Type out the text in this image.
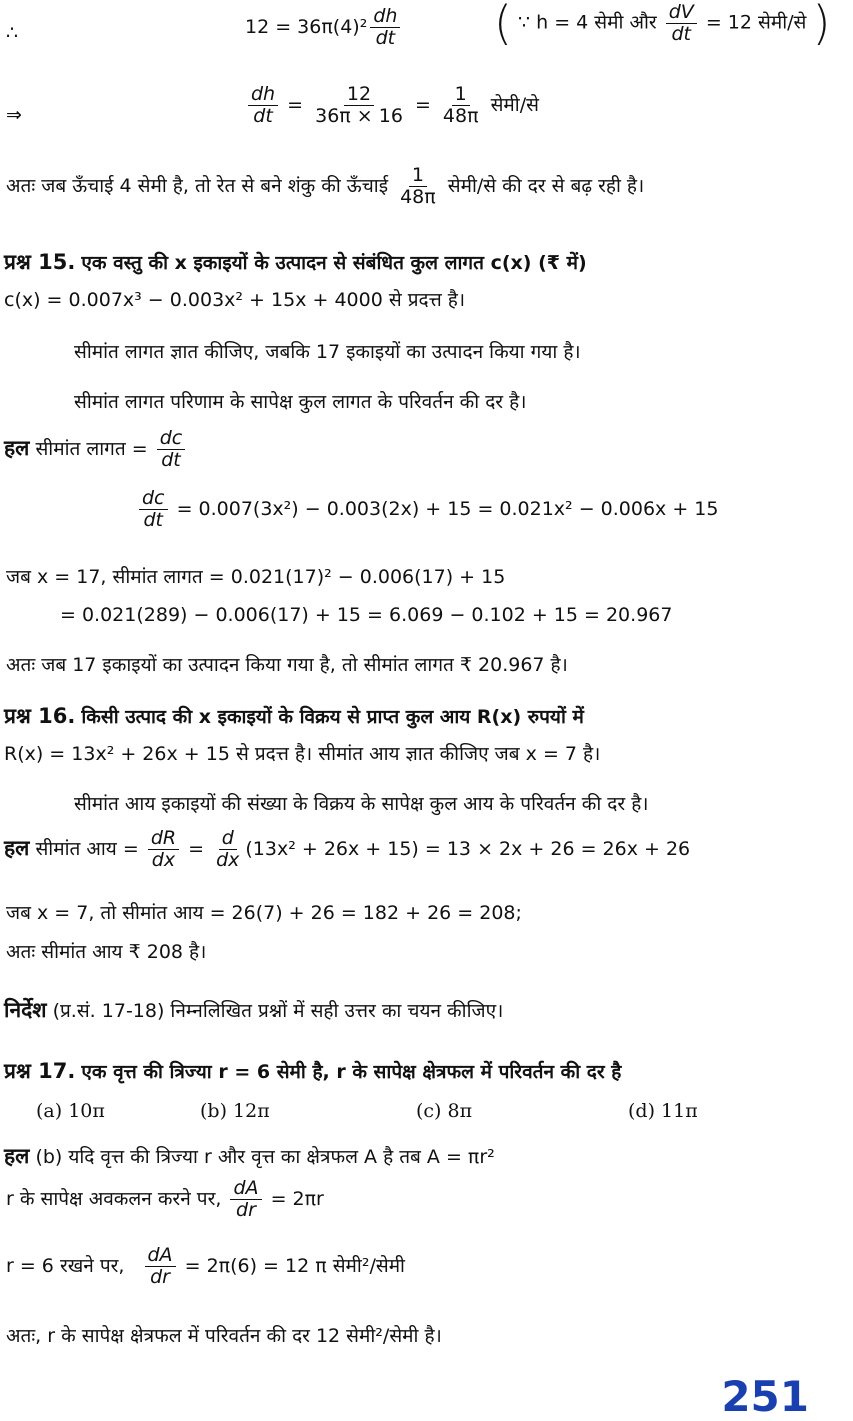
∴	$12 = 36\pi(4)^2 \frac{dh}{dt}$ ( ∵ h = 4 सेमी और $\frac{dV}{dt} = 12$ सेमी/से )
⇒	$\frac{dh}{dt} = \frac{12}{36\pi \times 16} = \frac{1}{48\pi}$ सेमी/से
अतः जब ऊँचाई 4 सेमी है, तो रेत से बने शंकु की ऊँचाई $\frac{1}{48\pi}$ सेमी/से की दर से बढ़ रही है।
प्रश्न 15. एक वस्तु की x इकाइयों के उत्पादन से संबंधित कुल लागत c(x) (₹ में)
c(x) = 0.007x³ − 0.003x² + 15x + 4000 से प्रदत्त है।
सीमांत लागत ज्ञात कीजिए, जबकि 17 इकाइयों का उत्पादन किया गया है।
सीमांत लागत परिणाम के सापेक्ष कुल लागत के परिवर्तन की दर है।
हल सीमांत लागत = $\frac{dc}{dt}$
$\frac{dc}{dt} = 0.007(3x^2) - 0.003(2x) + 15 = 0.021x^2 - 0.006x + 15$
जब x = 17, सीमांत लागत = 0.021(17)² − 0.006(17) + 15
= 0.021(289) − 0.006(17) + 15 = 6.069 − 0.102 + 15 = 20.967
अतः जब 17 इकाइयों का उत्पादन किया गया है, तो सीमांत लागत ₹ 20.967 है।
प्रश्न 16. किसी उत्पाद की x इकाइयों के विक्रय से प्राप्त कुल आय R(x) रुपयों में
R(x) = 13x² + 26x + 15 से प्रदत्त है। सीमांत आय ज्ञात कीजिए जब x = 7 है।
सीमांत आय इकाइयों की संख्या के विक्रय के सापेक्ष कुल आय के परिवर्तन की दर है।
हल सीमांत आय = $\frac{dR}{dx} = \frac{d}{dx} (13x^2 + 26x + 15) = 13 \times 2x + 26 = 26x + 26$
जब x = 7, तो सीमांत आय = 26(7) + 26 = 182 + 26 = 208;
अतः सीमांत आय ₹ 208 है।
निर्देश (प्र.सं. 17-18) निम्नलिखित प्रश्नों में सही उत्तर का चयन कीजिए।
प्रश्न 17. एक वृत्त की त्रिज्या r = 6 सेमी है, r के सापेक्ष क्षेत्रफल में परिवर्तन की दर है
(a) 10π	(b) 12π	(c) 8π	(d) 11π
हल (b) यदि वृत्त की त्रिज्या r और वृत्त का क्षेत्रफल A है तब A = πr²
r के सापेक्ष अवकलन करने पर, $\frac{dA}{dr} = 2\pi r$
r = 6 रखने पर, $\frac{dA}{dr} = 2\pi(6) = 12$ π सेमी²/सेमी
अतः, r के सापेक्ष क्षेत्रफल में परिवर्तन की दर 12 सेमी²/सेमी है।
251
